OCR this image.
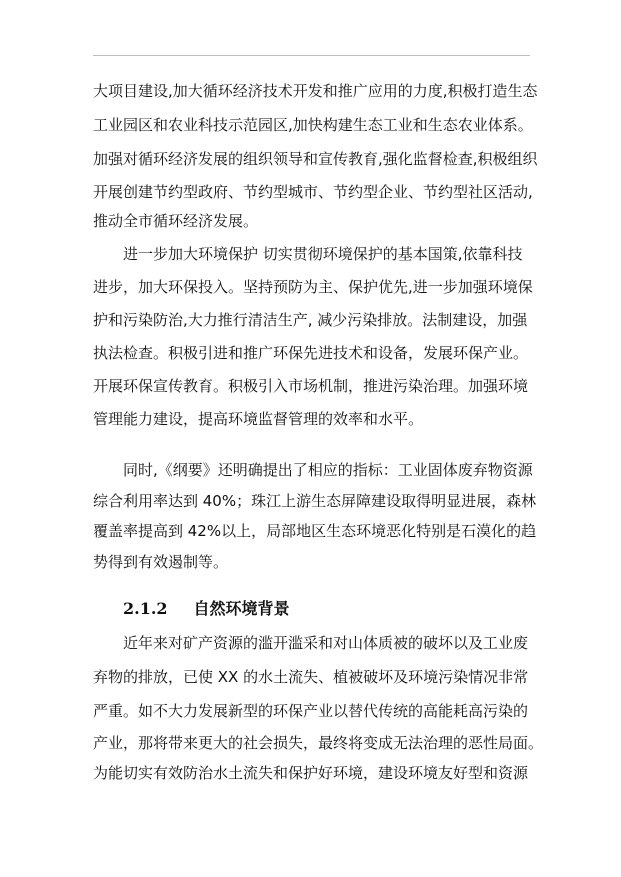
大项目建设,加大循环经济技术开发和推广应用的力度,积极打造生态
工业园区和农业科技示范园区,加快构建生态工业和生态农业体系。
加强对循环经济发展的组织领导和宣传教育,强化监督检查,积极组织
开展创建节约型政府、节约型城市、节约型企业、节约型社区活动,
推动全市循环经济发展。
进一步加大环境保护 切实贯彻环境保护的基本国策,依靠科技
进步，加大环保投入。坚持预防为主、保护优先,进一步加强环境保
护和污染防治,大力推行清洁生产, 减少污染排放。法制建设，加强
执法检查。积极引进和推广环保先进技术和设备，发展环保产业。
开展环保宣传教育。积极引入市场机制，推进污染治理。加强环境
管理能力建设，提高环境监督管理的效率和水平。
同时,《纲要》还明确提出了相应的指标：工业固体废弃物资源
综合利用率达到 40%；珠江上游生态屏障建设取得明显进展，森林
覆盖率提高到 42%以上，局部地区生态环境恶化特别是石漠化的趋
势得到有效遏制等。
2.1.2 自然环境背景
近年来对矿产资源的滥开滥采和对山体质被的破坏以及工业废
弃物的排放，已使 XX 的水土流失、植被破坏及环境污染情况非常
严重。如不大力发展新型的环保产业以替代传统的高能耗高污染的
产业，那将带来更大的社会损失，最终将变成无法治理的恶性局面。
为能切实有效防治水土流失和保护好环境，建设环境友好型和资源
